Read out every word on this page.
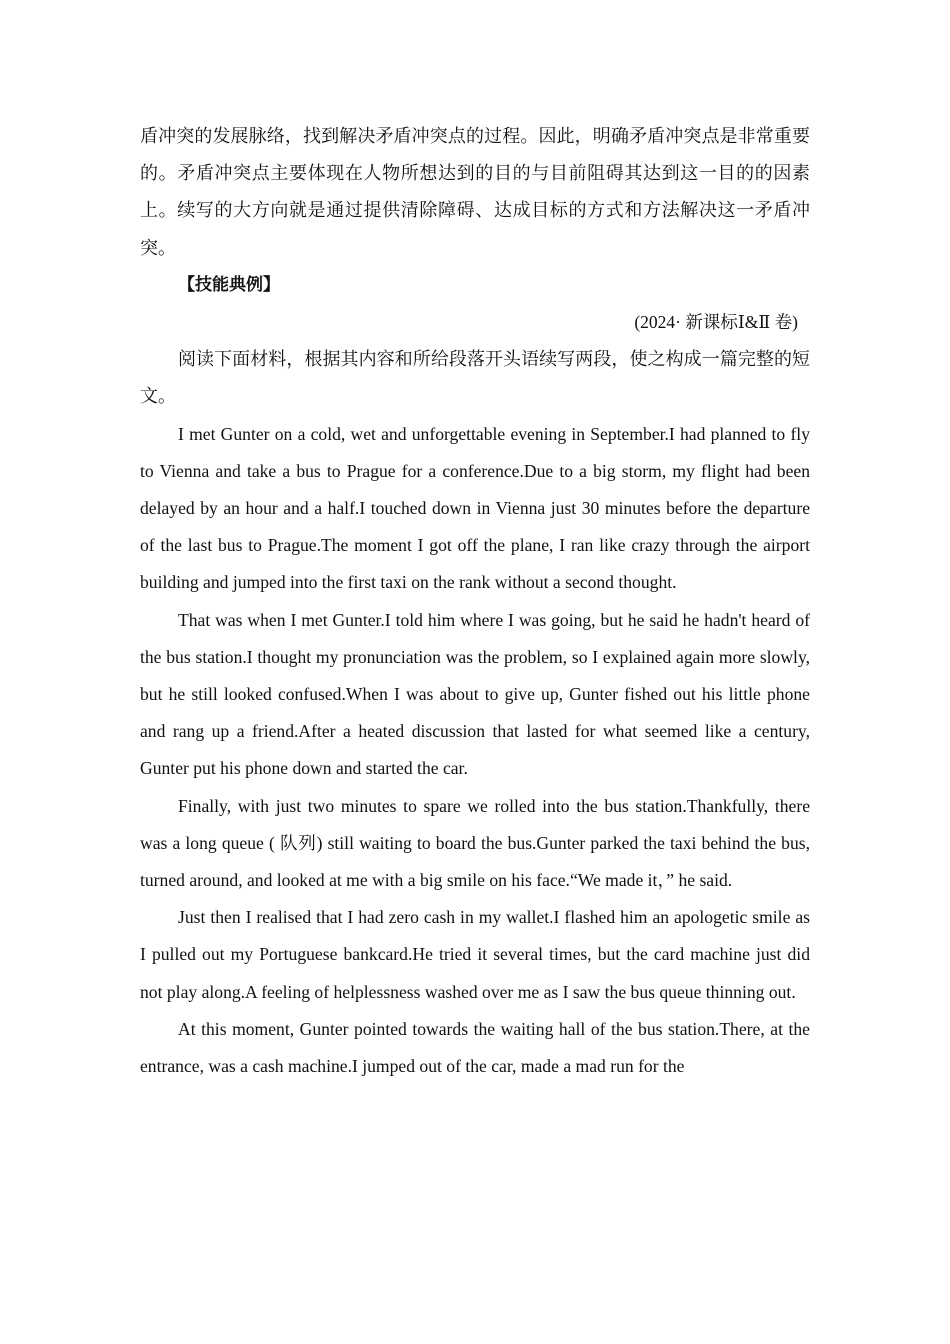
盾冲突的发展脉络，找到解决矛盾冲突点的过程。因此，明确矛盾冲突点是非常重要的。矛盾冲突点主要体现在人物所想达到的目的与目前阻碍其达到这一目的的因素上。续写的大方向就是通过提供清除障碍、达成目标的方式和方法解决这一矛盾冲突。

【技能典例】

(2024· 新课标Ⅰ&Ⅱ 卷)

阅读下面材料，根据其内容和所给段落开头语续写两段，使之构成一篇完整的短文。

I met Gunter on a cold, wet and unforgettable evening in September.I had planned to fly to Vienna and take a bus to Prague for a conference.Due to a big storm, my flight had been delayed by an hour and a half.I touched down in Vienna just 30 minutes before the departure of the last bus to Prague.The moment I got off the plane, I ran like crazy through the airport building and jumped into the first taxi on the rank without a second thought.

That was when I met Gunter.I told him where I was going, but he said he hadn't heard of the bus station.I thought my pronunciation was the problem, so I explained again more slowly, but he still looked confused.When I was about to give up, Gunter fished out his little phone and rang up a friend.After a heated discussion that lasted for what seemed like a century, Gunter put his phone down and started the car.

Finally, with just two minutes to spare we rolled into the bus station.Thankfully, there was a long queue ( 队列) still waiting to board the bus.Gunter parked the taxi behind the bus, turned around, and looked at me with a big smile on his face.“We made it，” he said.

Just then I realised that I had zero cash in my wallet.I flashed him an apologetic smile as I pulled out my Portuguese bankcard.He tried it several times, but the card machine just did not play along.A feeling of helplessness washed over me as I saw the bus queue thinning out.

At this moment, Gunter pointed towards the waiting hall of the bus station.There, at the entrance, was a cash machine.I jumped out of the car, made a mad run for the
